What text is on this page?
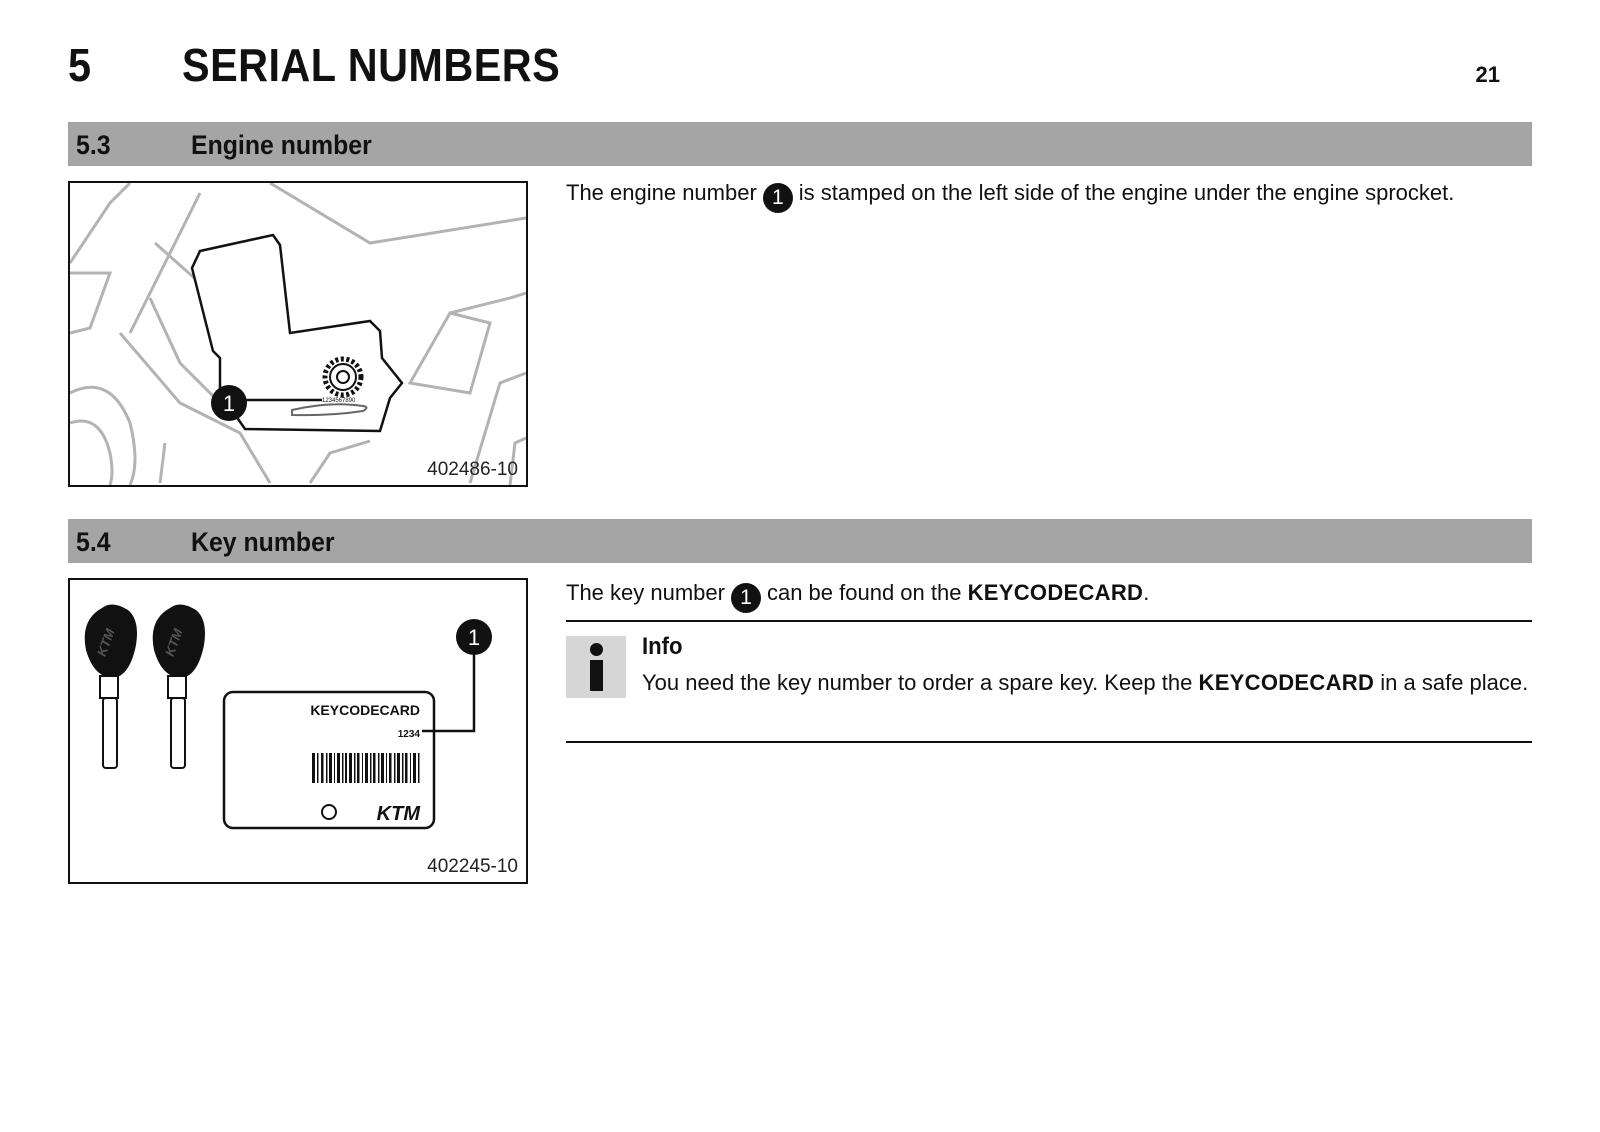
5 SERIAL NUMBERS	21
5.3	Engine number
1234567890
1
402486-10

The engine number 1 is stamped on the left side of the engine under the engine sprocket.

5.4	Key number
KTM	KTM
KEYCODECARD
1234
KTM
1
402245-10

The key number 1 can be found on the KEYCODECARD.

Info

You need the key number to order a spare key. Keep the KEYCODECARD in a safe place.
